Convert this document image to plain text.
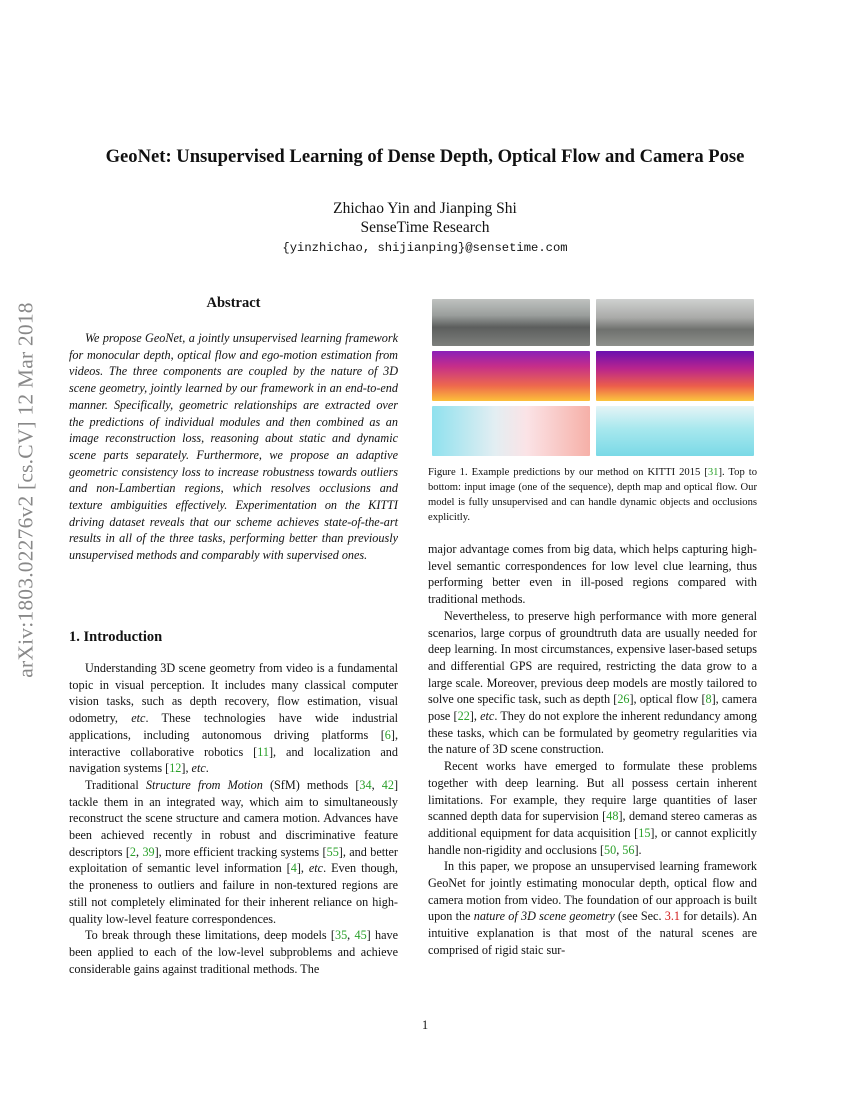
GeoNet: Unsupervised Learning of Dense Depth, Optical Flow and Camera Pose
Zhichao Yin and Jianping Shi
SenseTime Research
{yinzhichao, shijianping}@sensetime.com
arXiv:1803.02276v2 [cs.CV] 12 Mar 2018	Abstract

We propose GeoNet, a jointly unsupervised learning framework for monocular depth, optical flow and ego-motion estimation from videos. The three components are coupled by the nature of 3D scene geometry, jointly learned by our framework in an end-to-end manner. Specifically, geometric relationships are extracted over the predictions of individual modules and then combined as an image reconstruction loss, reasoning about static and dynamic scene parts separately. Furthermore, we propose an adaptive geometric consistency loss to increase robustness towards outliers and non-Lambertian regions, which resolves occlusions and texture ambiguities effectively. Experimentation on the KITTI driving dataset reveals that our scheme achieves state-of-the-art results in all of the three tasks, performing better than previously unsupervised methods and comparably with supervised ones.

1. Introduction

Understanding 3D scene geometry from video is a fundamental topic in visual perception. It includes many classical computer vision tasks, such as depth recovery, flow estimation, visual odometry, etc. These technologies have wide industrial applications, including autonomous driving platforms [6], interactive collaborative robotics [11], and localization and navigation systems [12], etc.

Traditional Structure from Motion (SfM) methods [34, 42] tackle them in an integrated way, which aim to simultaneously reconstruct the scene structure and camera motion. Advances have been achieved recently in robust and discriminative feature descriptors [2, 39], more efficient tracking systems [55], and better exploitation of semantic level information [4], etc. Even though, the proneness to outliers and failure in non-textured regions are still not completely eliminated for their inherent reliance on high-quality low-level feature correspondences.

To break through these limitations, deep models [35, 45] have been applied to each of the low-level subproblems and achieve considerable gains against traditional methods. The

Figure 1. Example predictions by our method on KITTI 2015 [31]. Top to bottom: input image (one of the sequence), depth map and optical flow. Our model is fully unsupervised and can handle dynamic objects and occlusions explicitly.

major advantage comes from big data, which helps capturing high-level semantic correspondences for low level clue learning, thus performing better even in ill-posed regions compared with traditional methods.

Nevertheless, to preserve high performance with more general scenarios, large corpus of groundtruth data are usually needed for deep learning. In most circumstances, expensive laser-based setups and differential GPS are required, restricting the data grow to a large scale. Moreover, previous deep models are mostly tailored to solve one specific task, such as depth [26], optical flow [8], camera pose [22], etc. They do not explore the inherent redundancy among these tasks, which can be formulated by geometry regularities via the nature of 3D scene construction.

Recent works have emerged to formulate these problems together with deep learning. But all possess certain inherent limitations. For example, they require large quantities of laser scanned depth data for supervision [48], demand stereo cameras as additional equipment for data acquisition [15], or cannot explicitly handle non-rigidity and occlusions [50, 56].

In this paper, we propose an unsupervised learning framework GeoNet for jointly estimating monocular depth, optical flow and camera motion from video. The foundation of our approach is built upon the nature of 3D scene geometry (see Sec. 3.1 for details). An intuitive explanation is that most of the natural scenes are comprised of rigid staic sur-

1
